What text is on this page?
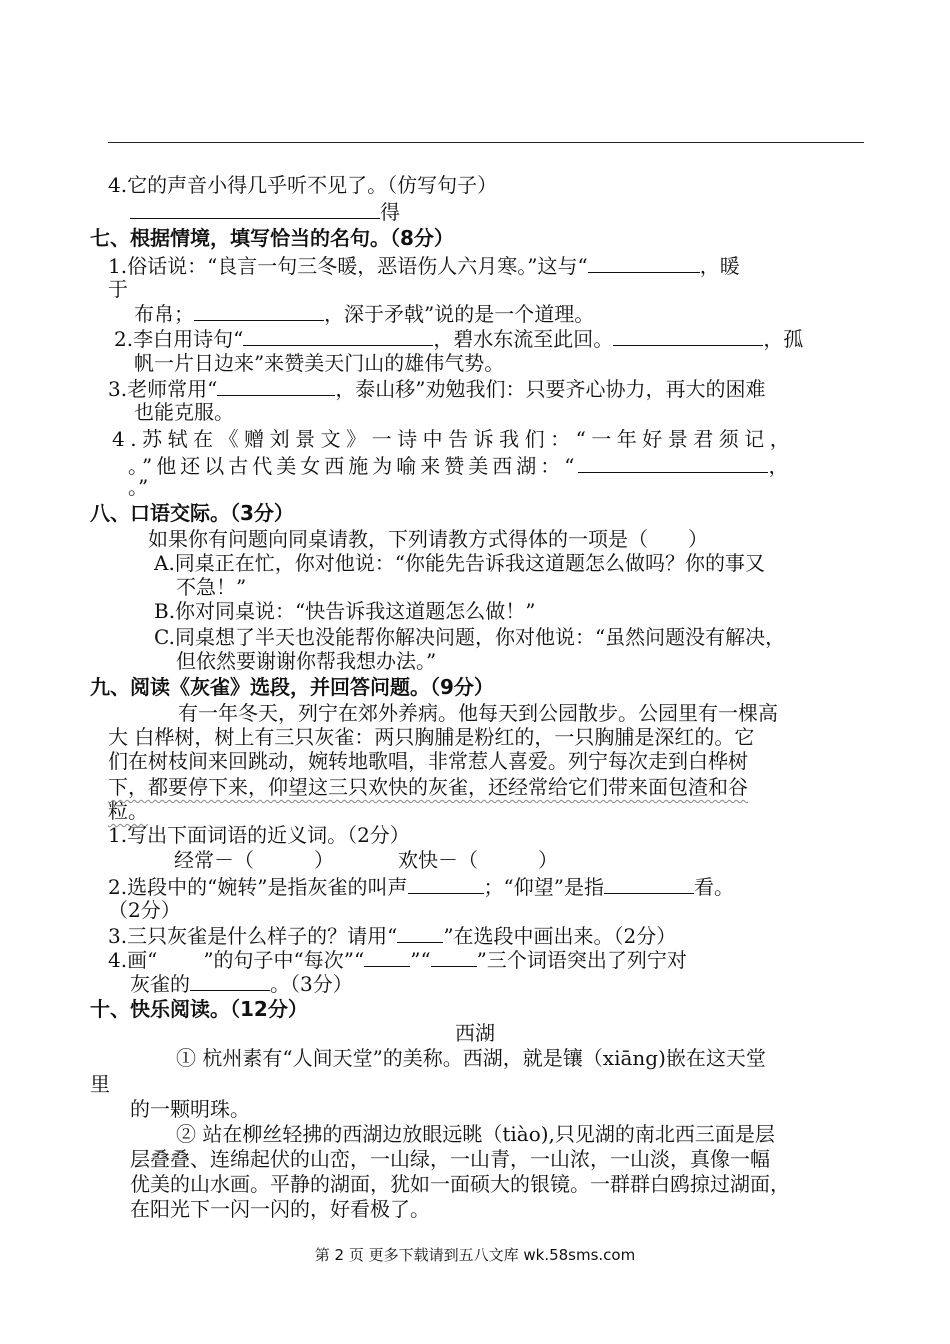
4.它的声音小得几乎听不见了。（仿写句子）
得
七、根据情境，填写恰当的名句。（8分）
1.俗话说：“良言一句三冬暖，恶语伤人六月寒。”这与“	，暖
于
布帛；	，深于矛戟”说的是一个道理。
2.李白用诗句“	，碧水东流至此回。	，孤
帆一片日边来”来赞美天门山的雄伟气势。
3.老师常用“	，泰山移”劝勉我们：只要齐心协力，再大的困难
也能克服。
4.苏轼在《赠刘景文》一诗中告诉我们：“一年好景君须记，
。”他还以古代美女西施为喻来赞美西湖：“	，
。”
八、口语交际。（3分）
如果你有问题向同桌请教，下列请教方式得体的一项是（　　）
A.同桌正在忙，你对他说：“你能先告诉我这道题怎么做吗？你的事又
不急！”
B.你对同桌说：“快告诉我这道题怎么做！”
C.同桌想了半天也没能帮你解决问题，你对他说：“虽然问题没有解决，
但依然要谢谢你帮我想办法。”
九、阅读《灰雀》选段，并回答问题。（9分）
有一年冬天，列宁在郊外养病。他每天到公园散步。公园里有一棵高
大 白桦树，树上有三只灰雀：两只胸脯是粉红的，一只胸脯是深红的。它
们在树枝间来回跳动，婉转地歌唱，非常惹人喜爱。列宁每次走到白桦树
下，都要停下来，仰望这三只欢快的灰雀，还经常给它们带来面包渣和谷
粒。
1.写出下面词语的近义词。（2分）
经常－（　　　）	欢快－（　　　）
2.选段中的“婉转”是指灰雀的叫声	；“仰望”是指	看。
（2分）
3.三只灰雀是什么样子的？请用“ ”在选段中画出来。（2分）
4.画“ ”的句子中“每次”“ ”“ ”三个词语突出了列宁对
灰雀的	。（3分）
十、快乐阅读。（12分）
西湖
① 杭州素有“人间天堂”的美称。西湖，就是镶（xiāng)嵌在这天堂
里
的一颗明珠。
② 站在柳丝轻拂的西湖边放眼远眺（tiào),只见湖的南北西三面是层
层叠叠、连绵起伏的山峦，一山绿，一山青，一山浓，一山淡，真像一幅
优美的山水画。平静的湖面，犹如一面硕大的银镜。一群群白鸥掠过湖面，
在阳光下一闪一闪的，好看极了。
第 2 页 更多下载请到五八文库 wk.58sms.com
